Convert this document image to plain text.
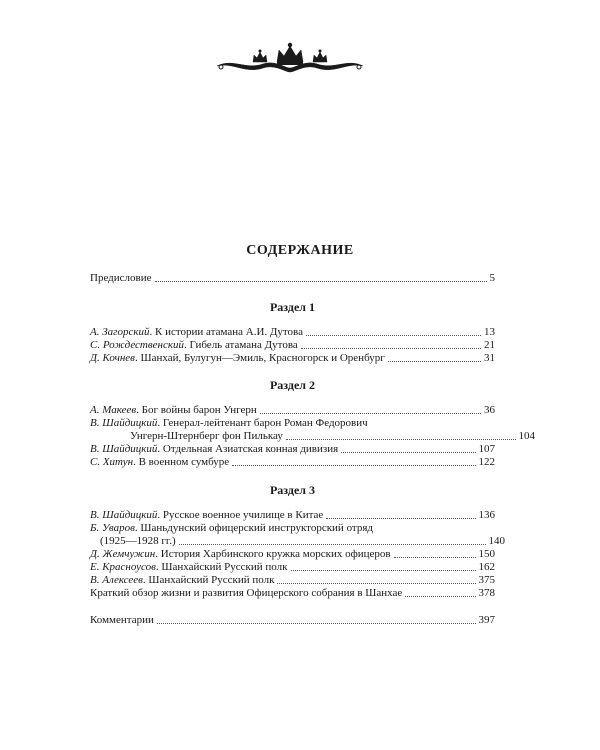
СОДЕРЖАНИЕ
Предисловие	5
Раздел 1
А. Загорский. К истории атамана А.И. Дутова	13
С. Рождественский. Гибель атамана Дутова	21
Д. Кочнев. Шанхай, Булугун—Эмиль, Красногорск и Оренбург	31
Раздел 2
А. Макеев. Бог войны барон Унгерн	36
В. Шайдицкий. Генерал-лейтенант барон Роман Федорович
Унгерн-Штернберг фон Пилькау	104
В. Шайдицкий. Отдельная Азиатская конная дивизия	107
С. Хитун. В военном сумбуре	122
Раздел 3
В. Шайдицкий. Русское военное училище в Китае	136
Б. Уваров. Шаньдунский офицерский инструкторский отряд
(1925—1928 гг.)	140
Д. Жемчужин. История Харбинского кружка морских офицеров	150
Е. Красноусов. Шанхайский Русский полк	162
В. Алексеев. Шанхайский Русский полк	375
Краткий обзор жизни и развития Офицерского собрания в Шанхае	378
Комментарии	397
